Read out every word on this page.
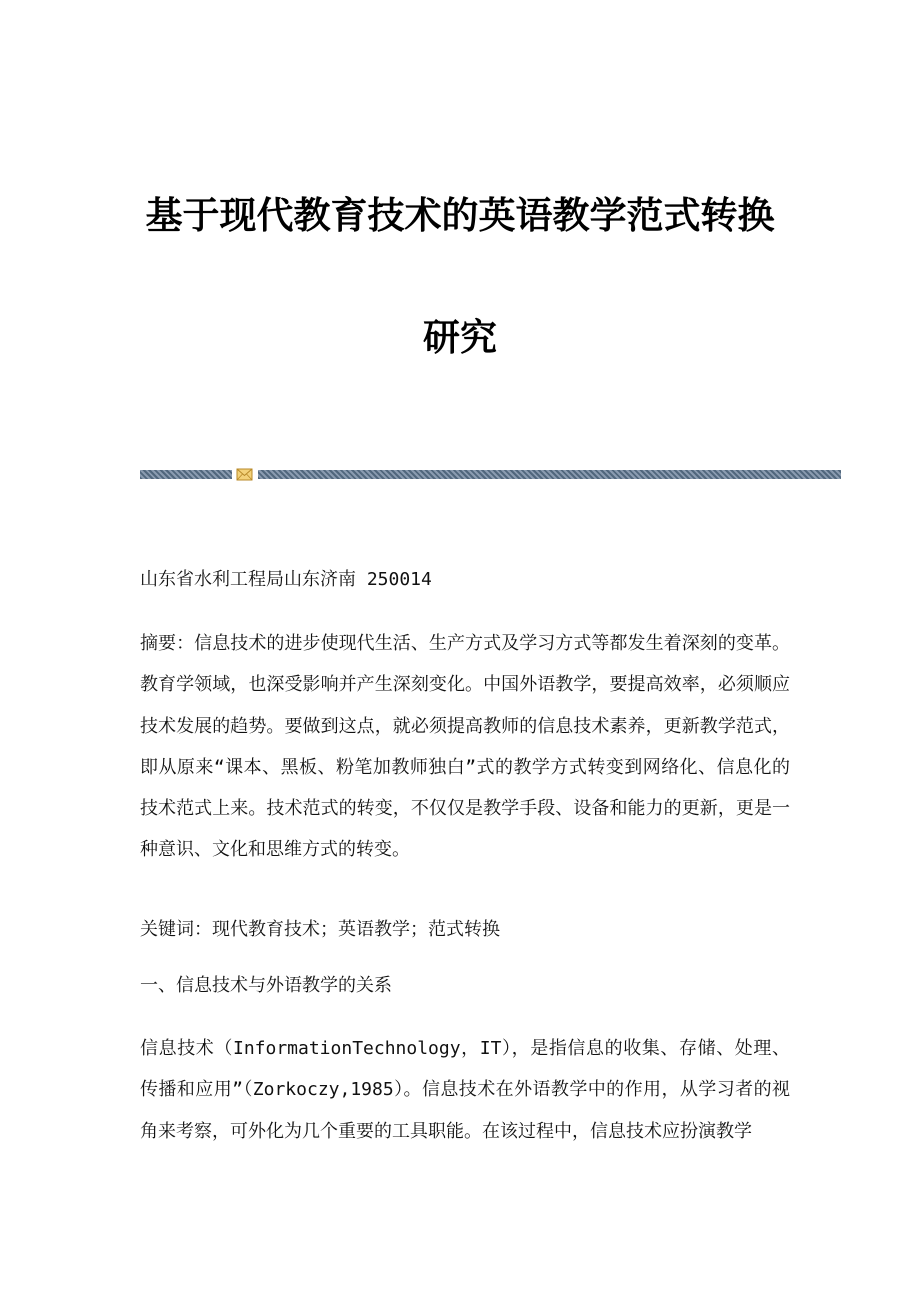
基于现代教育技术的英语教学范式转换
研究
山东省水利工程局山东济南 250014
摘要：信息技术的进步使现代生活、生产方式及学习方式等都发生着深刻的变革。教育学领域，也深受影响并产生深刻变化。中国外语教学，要提高效率，必须顺应技术发展的趋势。要做到这点，就必须提高教师的信息技术素养，更新教学范式，即从原来“课本、黑板、粉笔加教师独白”式的教学方式转变到网络化、信息化的技术范式上来。技术范式的转变，不仅仅是教学手段、设备和能力的更新，更是一种意识、文化和思维方式的转变。
关键词：现代教育技术；英语教学；范式转换
一、信息技术与外语教学的关系
信息技术（InformationTechnology，IT），是指信息的收集、存储、处理、传播和应用”（Zorkoczy,1985）。信息技术在外语教学中的作用，从学习者的视角来考察，可外化为几个重要的工具职能。在该过程中，信息技术应扮演教学
